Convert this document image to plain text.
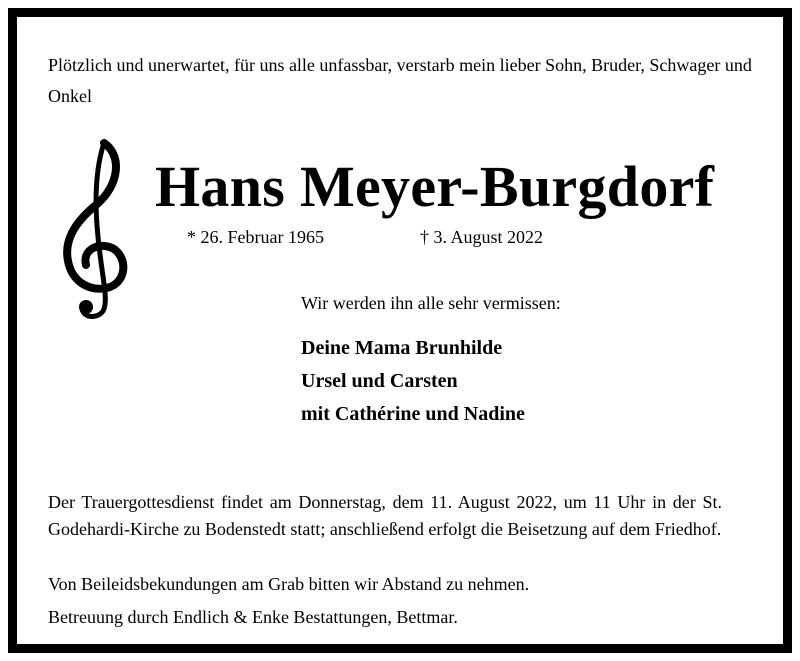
Plötzlich und unerwartet, für uns alle unfassbar, verstarb mein lieber Sohn, Bruder, Schwager und Onkel
Hans Meyer-Burgdorf
* 26. Februar 1965	† 3. August 2022
Wir werden ihn alle sehr vermissen:
Deine Mama Brunhilde
Ursel und Carsten
mit Cathérine und Nadine
Der Trauergottesdienst findet am Donnerstag, dem 11. August 2022, um 11 Uhr in der St. Godehardi-Kirche zu Bodenstedt statt; anschließend erfolgt die Beisetzung auf dem Friedhof.
Von Beileidsbekundungen am Grab bitten wir Abstand zu nehmen.
Betreuung durch Endlich & Enke Bestattungen, Bettmar.
